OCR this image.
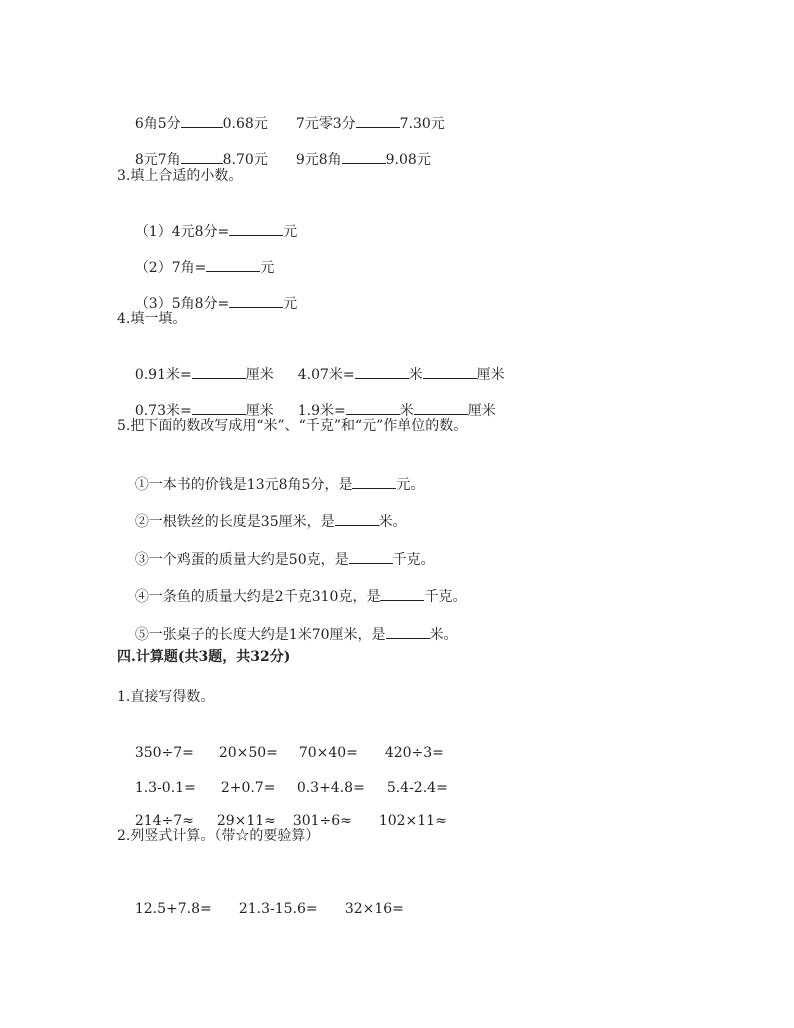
6角5分	0.68元 7元零3分	7.30元

8元7角	8.70元 9元8角	9.08元

3.填上合适的小数。

（1）4元8分=	元

（2）7角=	元

（3）5角8分=	元

4.填一填。

0.91米=	厘米 4.07米=	米	厘米

0.73米=	厘米 1.9米=	米	厘米

5.把下面的数改写成用“米”、“千克”和“元”作单位的数。

①一本书的价钱是13元8角5分，是	元。

②一根铁丝的长度是35厘米，是	米。

③一个鸡蛋的质量大约是50克，是	千克。

④一条鱼的质量大约是2千克310克，是	千克。

⑤一张桌子的长度大约是1米70厘米，是	米。

四.计算题(共3题，共32分)
1.直接写得数。

350÷7= 20×50= 70×40= 420÷3=

1.3-0.1= 2+0.7= 0.3+4.8= 5.4-2.4=

214÷7≈ 29×11≈ 301÷6≈ 102×11≈

2.列竖式计算。（带☆的要验算）

12.5+7.8= 21.3-15.6= 32×16=
